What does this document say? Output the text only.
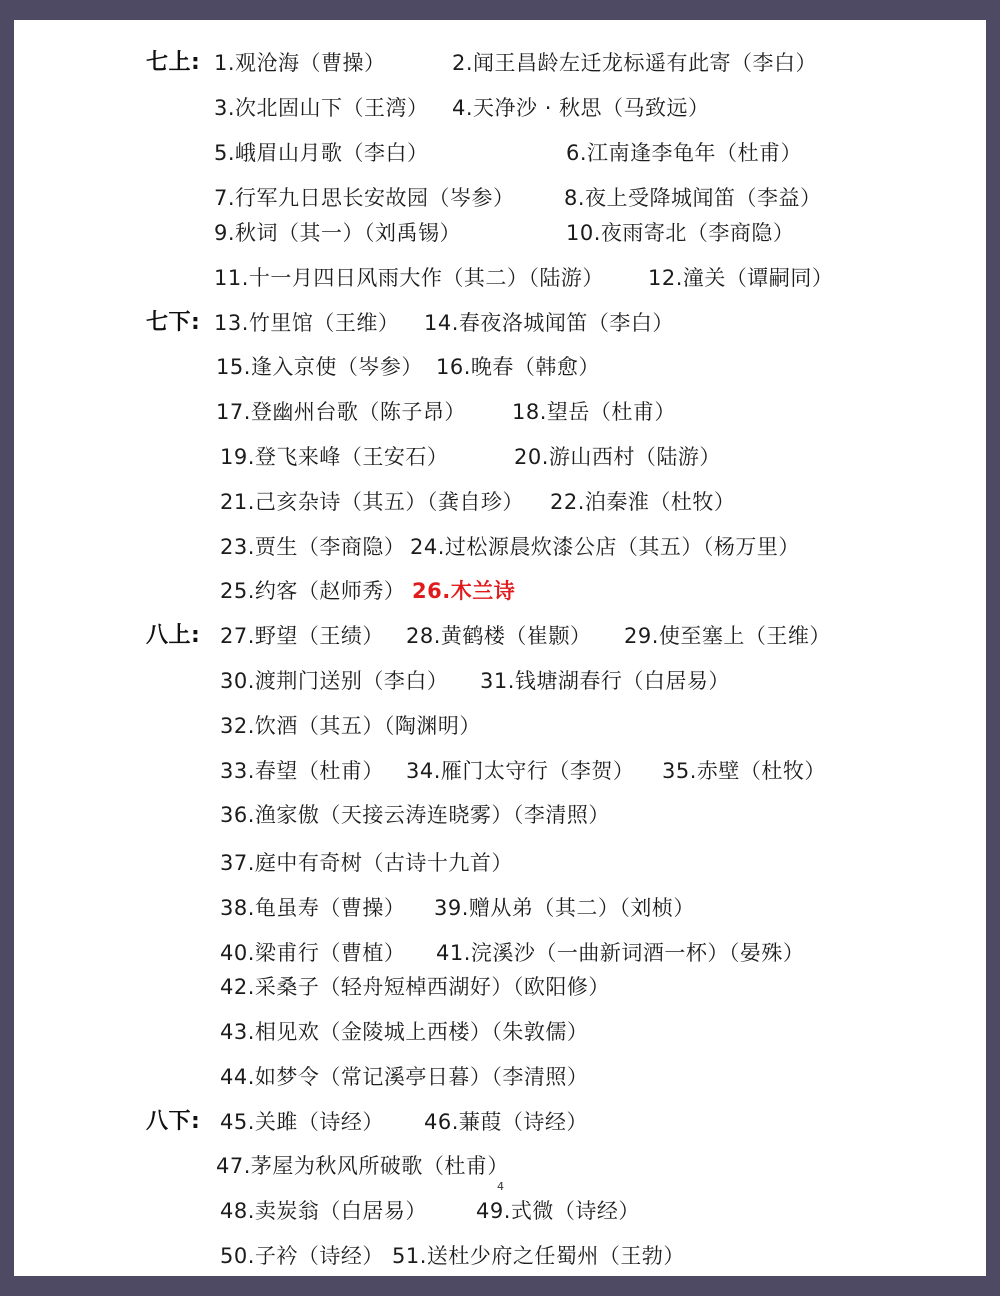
七上: 1.观沧海（曹操）	2.闻王昌龄左迁龙标遥有此寄（李白）
3.次北固山下（王湾） 4.天净沙 · 秋思（马致远）
5.峨眉山月歌（李白）	6.江南逢李龟年（杜甫）
7.行军九日思长安故园（岑参） 8.夜上受降城闻笛（李益）
9.秋词（其一）（刘禹锡）	10.夜雨寄北（李商隐）
11.十一月四日风雨大作（其二）（陆游） 12.潼关（谭嗣同）
七下: 13.竹里馆（王维） 14.春夜洛城闻笛（李白）
15.逢入京使（岑参） 16.晚春（韩愈）
17.登幽州台歌（陈子昂） 18.望岳（杜甫）
19.登飞来峰（王安石）	20.游山西村（陆游）
21.己亥杂诗（其五）（龚自珍） 22.泊秦淮（杜牧）
23.贾生（李商隐） 24.过松源晨炊漆公店（其五）（杨万里）
25.约客（赵师秀） 26.木兰诗
八上: 27.野望（王绩） 28.黄鹤楼（崔颢） 29.使至塞上（王维）
30.渡荆门送别（李白） 31.钱塘湖春行（白居易）
32.饮酒（其五）（陶渊明）
33.春望（杜甫） 34.雁门太守行（李贺） 35.赤壁（杜牧）
36.渔家傲（天接云涛连晓雾）（李清照）
37.庭中有奇树（古诗十九首）
38.龟虽寿（曹操） 39.赠从弟（其二）（刘桢）
40.梁甫行（曹植） 41.浣溪沙（一曲新词酒一杯）（晏殊）
42.采桑子（轻舟短棹西湖好）（欧阳修）
43.相见欢（金陵城上西楼）（朱敦儒）
44.如梦令（常记溪亭日暮）（李清照）
八下: 45.关雎（诗经） 46.蒹葭（诗经）
47.茅屋为秋风所破歌（杜甫）
4
48.卖炭翁（白居易） 49.式微（诗经）
50.子衿（诗经） 51.送杜少府之任蜀州（王勃）
